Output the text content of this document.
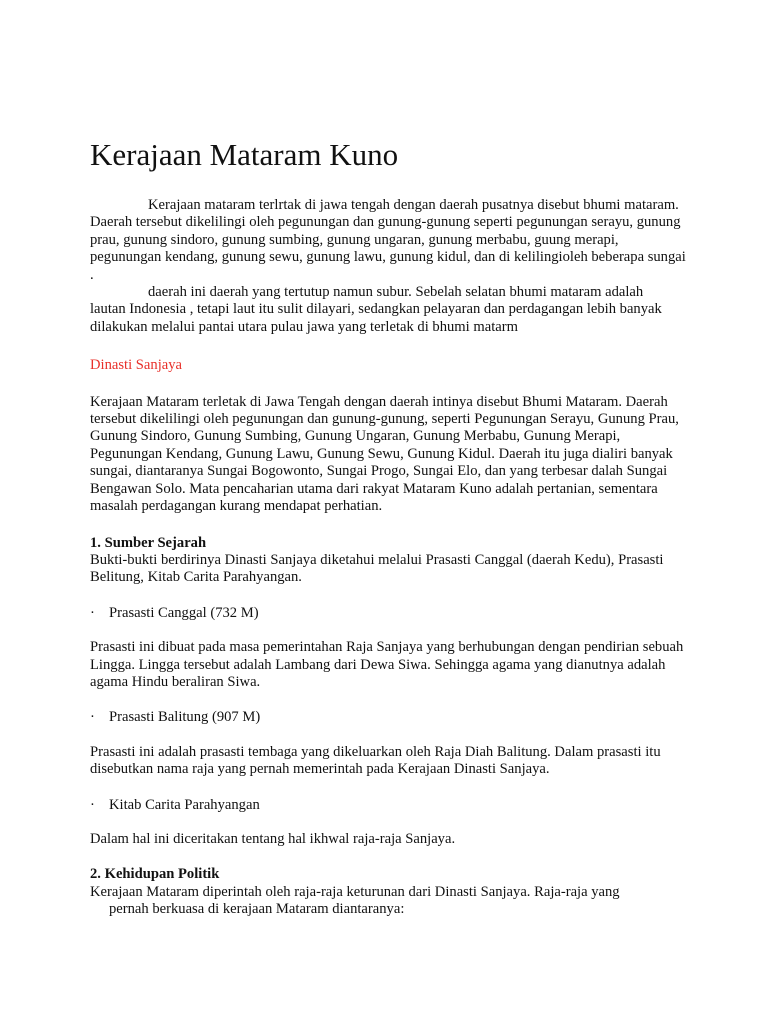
Kerajaan Mataram Kuno

Kerajaan mataram terlrtak di jawa tengah dengan daerah pusatnya disebut bhumi mataram. Daerah tersebut dikelilingi oleh pegunungan dan gunung-gunung seperti pegunungan serayu, gunung prau, gunung sindoro, gunung sumbing, gunung ungaran, gunung merbabu, guung merapi, pegunungan kendang, gunung sewu, gunung lawu, gunung kidul, dan di kelilingioleh beberapa sungai .

daerah ini daerah yang tertutup namun subur. Sebelah selatan bhumi mataram adalah

lautan Indonesia , tetapi laut itu sulit dilayari, sedangkan pelayaran dan perdagangan lebih banyak dilakukan melalui pantai utara pulau jawa yang terletak di bhumi matarm

Dinasti Sanjaya

Kerajaan Mataram terletak di Jawa Tengah dengan daerah intinya disebut Bhumi Mataram. Daerah tersebut dikelilingi oleh pegunungan dan gunung-gunung, seperti Pegunungan Serayu, Gunung Prau, Gunung Sindoro, Gunung Sumbing, Gunung Ungaran, Gunung Merbabu, Gunung Merapi, Pegunungan Kendang, Gunung Lawu, Gunung Sewu, Gunung Kidul. Daerah itu juga dialiri banyak sungai, diantaranya Sungai Bogowonto, Sungai Progo, Sungai Elo, dan yang terbesar dalah Sungai Bengawan Solo. Mata pencaharian utama dari rakyat Mataram Kuno adalah pertanian, sementara masalah perdagangan kurang mendapat perhatian.

1. Sumber Sejarah

Bukti-bukti berdirinya Dinasti Sanjaya diketahui melalui Prasasti Canggal (daerah Kedu), Prasasti Belitung, Kitab Carita Parahyangan.

· Prasasti Canggal (732 M)

Prasasti ini dibuat pada masa pemerintahan Raja Sanjaya yang berhubungan dengan pendirian sebuah Lingga. Lingga tersebut adalah Lambang dari Dewa Siwa. Sehingga agama yang dianutnya adalah agama Hindu beraliran Siwa.

· Prasasti Balitung (907 M)

Prasasti ini adalah prasasti tembaga yang dikeluarkan oleh Raja Diah Balitung. Dalam prasasti itu disebutkan nama raja yang pernah memerintah pada Kerajaan Dinasti Sanjaya.

· Kitab Carita Parahyangan

Dalam hal ini diceritakan tentang hal ikhwal raja-raja Sanjaya.

2. Kehidupan Politik

Kerajaan Mataram diperintah oleh raja-raja keturunan dari Dinasti Sanjaya. Raja-raja yang

pernah berkuasa di kerajaan Mataram diantaranya:
